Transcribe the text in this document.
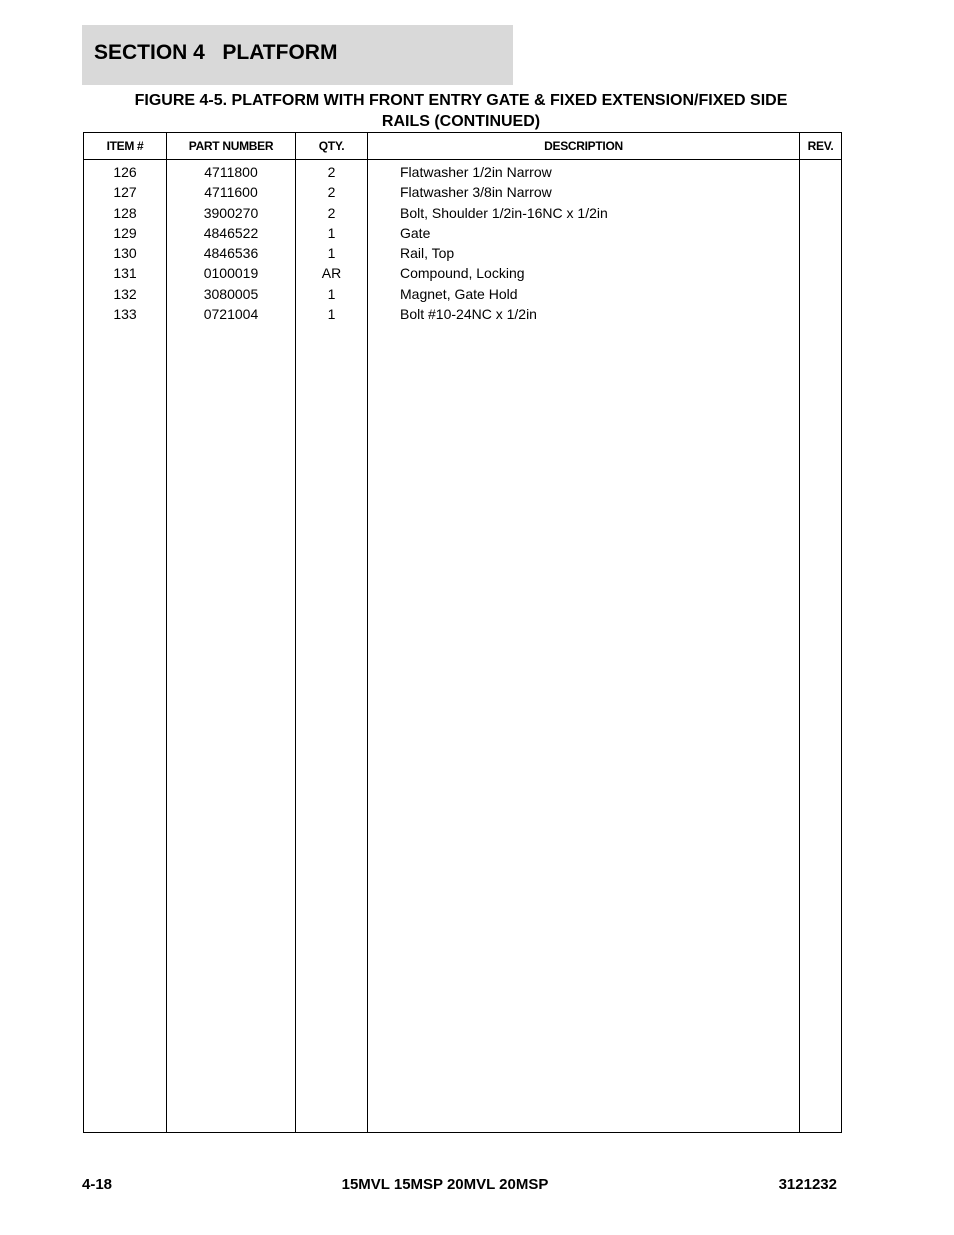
SECTION 4   PLATFORM
FIGURE 4-5. PLATFORM WITH FRONT ENTRY GATE & FIXED EXTENSION/FIXED SIDE
RAILS (CONTINUED)
ITEM #	PART NUMBER	QTY.	DESCRIPTION	REV.
126	4711800	2	Flatwasher 1/2in Narrow	
127	4711600	2	Flatwasher 3/8in Narrow	
128	3900270	2	Bolt, Shoulder 1/2in-16NC x 1/2in	
129	4846522	1	Gate	
130	4846536	1	Rail, Top	
131	0100019	AR	Compound, Locking	
132	3080005	1	Magnet, Gate Hold	
133	0721004	1	Bolt #10-24NC x 1/2in	

4-18	15MVL 15MSP 20MVL 20MSP	3121232
